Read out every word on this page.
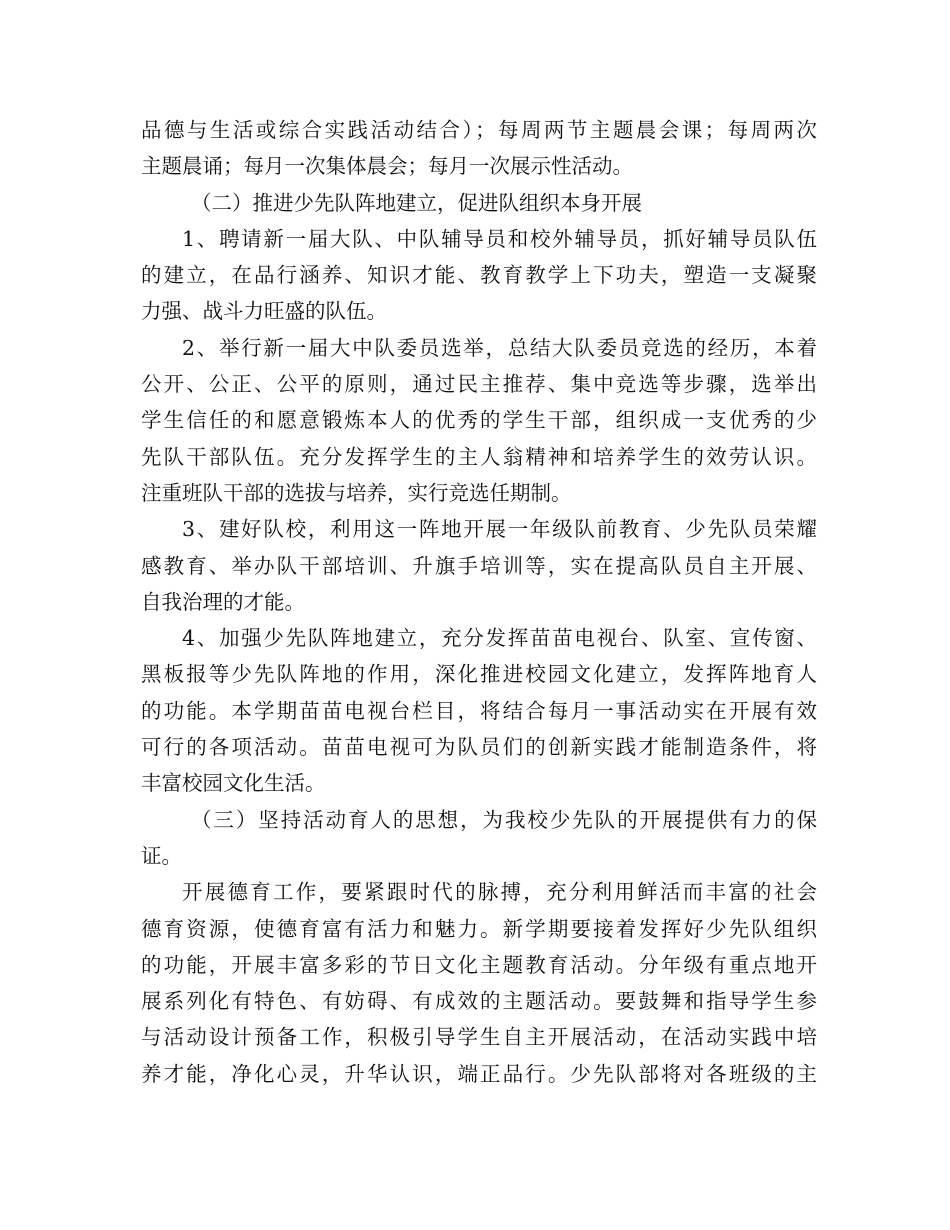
品德与生活或综合实践活动结合）；每周两节主题晨会课；每周两次
主题晨诵；每月一次集体晨会；每月一次展示性活动。
（二）推进少先队阵地建立，促进队组织本身开展
1、聘请新一届大队、中队辅导员和校外辅导员，抓好辅导员队伍
的建立，在品行涵养、知识才能、教育教学上下功夫，塑造一支凝聚
力强、战斗力旺盛的队伍。
2、举行新一届大中队委员选举，总结大队委员竞选的经历，本着
公开、公正、公平的原则，通过民主推荐、集中竞选等步骤，选举出
学生信任的和愿意锻炼本人的优秀的学生干部，组织成一支优秀的少
先队干部队伍。充分发挥学生的主人翁精神和培养学生的效劳认识。
注重班队干部的选拔与培养，实行竞选任期制。
3、建好队校，利用这一阵地开展一年级队前教育、少先队员荣耀
感教育、举办队干部培训、升旗手培训等，实在提高队员自主开展、
自我治理的才能。
4、加强少先队阵地建立，充分发挥苗苗电视台、队室、宣传窗、
黑板报等少先队阵地的作用，深化推进校园文化建立，发挥阵地育人
的功能。本学期苗苗电视台栏目，将结合每月一事活动实在开展有效
可行的各项活动。苗苗电视可为队员们的创新实践才能制造条件，将
丰富校园文化生活。
（三）坚持活动育人的思想，为我校少先队的开展提供有力的保
证。
开展德育工作，要紧跟时代的脉搏，充分利用鲜活而丰富的社会
德育资源，使德育富有活力和魅力。新学期要接着发挥好少先队组织
的功能，开展丰富多彩的节日文化主题教育活动。分年级有重点地开
展系列化有特色、有妨碍、有成效的主题活动。要鼓舞和指导学生参
与活动设计预备工作，积极引导学生自主开展活动，在活动实践中培
养才能，净化心灵，升华认识，端正品行。少先队部将对各班级的主
